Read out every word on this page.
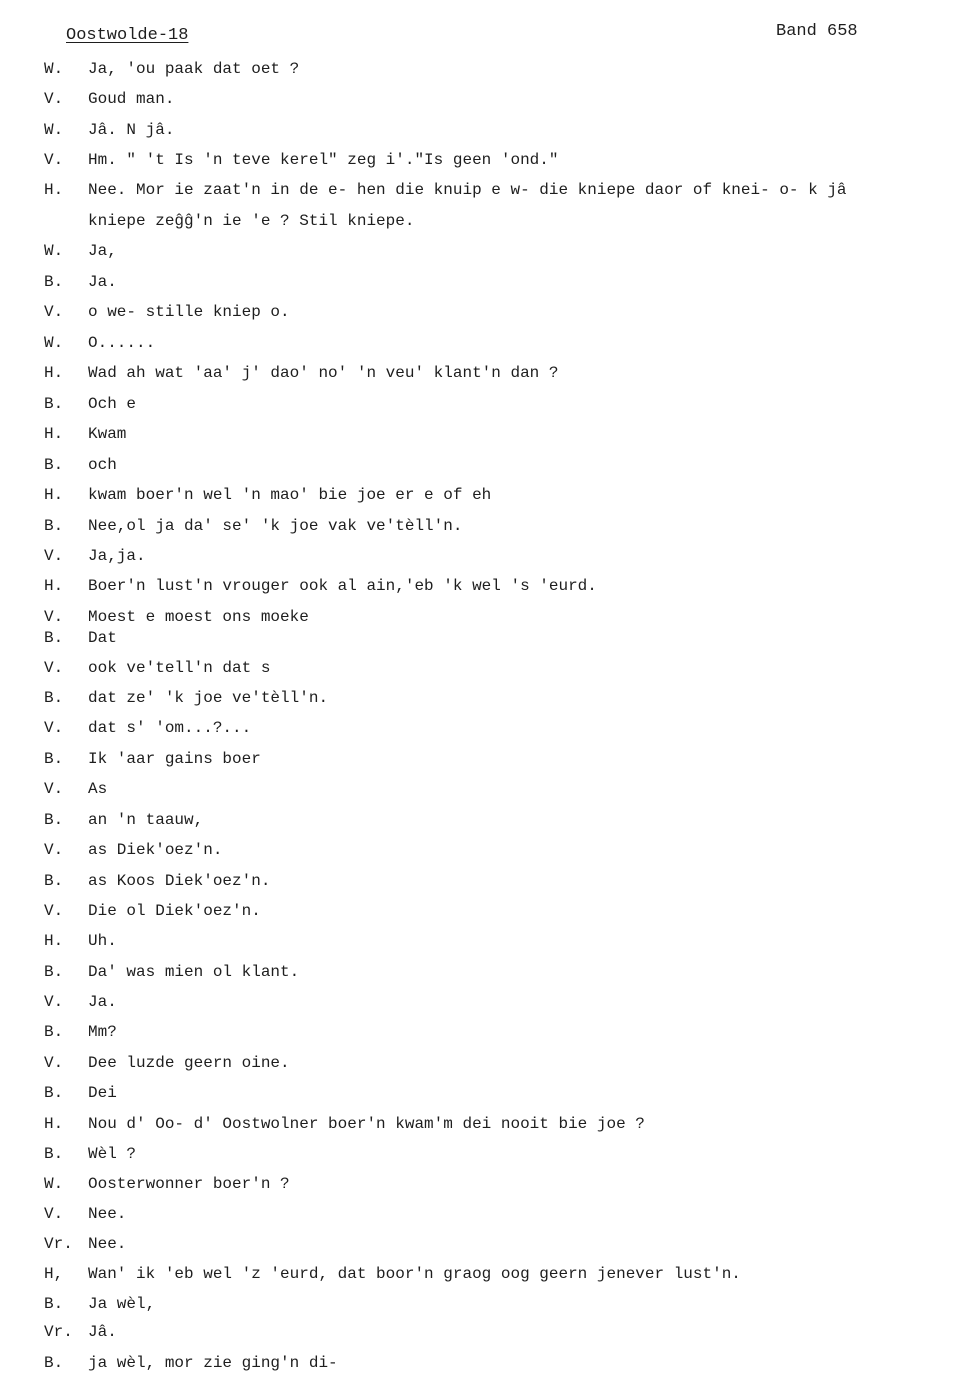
Oostwolde-18	Band 658
W. Ja, 'ou paak dat oet ?
V. Goud man.
W. Jâ. N jâ.
V. Hm. " 't Is 'n teve kerel" zeg i'."Is geen 'ond."
H. Nee. Mor ie zaat'n in de e- hen die knuip e w- die kniepe daor of knei- o- k jâ
kniepe zeĝĝ'n ie 'e ? Stil kniepe.
W. Ja,
B. Ja.
V. o we- stille kniep o.
W. O......
H. Wad ah wat 'aa' j' dao' no' 'n veu' klant'n dan ?
B. Och e
H. Kwam
B. och
H. kwam boer'n wel 'n mao' bie joe er e of eh
B. Nee,ol ja da' se' 'k joe vak ve'tèll'n.
V. Ja,ja.
H. Boer'n lust'n vrouger ook al ain,'eb 'k wel 's 'eurd.
V. Moest e moest ons moeke
B. Dat
V. ook ve'tell'n dat s
B. dat ze' 'k joe ve'tèll'n.
V. dat s' 'om...?...
B. Ik 'aar gains boer
V. As
B. an 'n taauw,
V. as Diek'oez'n.
B. as Koos Diek'oez'n.
V. Die ol Diek'oez'n.
H. Uh.
B. Da' was mien ol klant.
V. Ja.
B. Mm?
V. Dee luzde geern oine.
B. Dei
H. Nou d' Oo- d' Oostwolner boer'n kwam'm dei nooit bie joe ?
B. Wèl ?
W. Oosterwonner boer'n ?
V. Nee.
Vr. Nee.
H, Wan' ik 'eb wel 'z 'eurd, dat boor'n graog oog geern jenever lust'n.
B. Ja wèl,
Vr. Jâ.
B. ja wèl, mor zie ging'n di-
